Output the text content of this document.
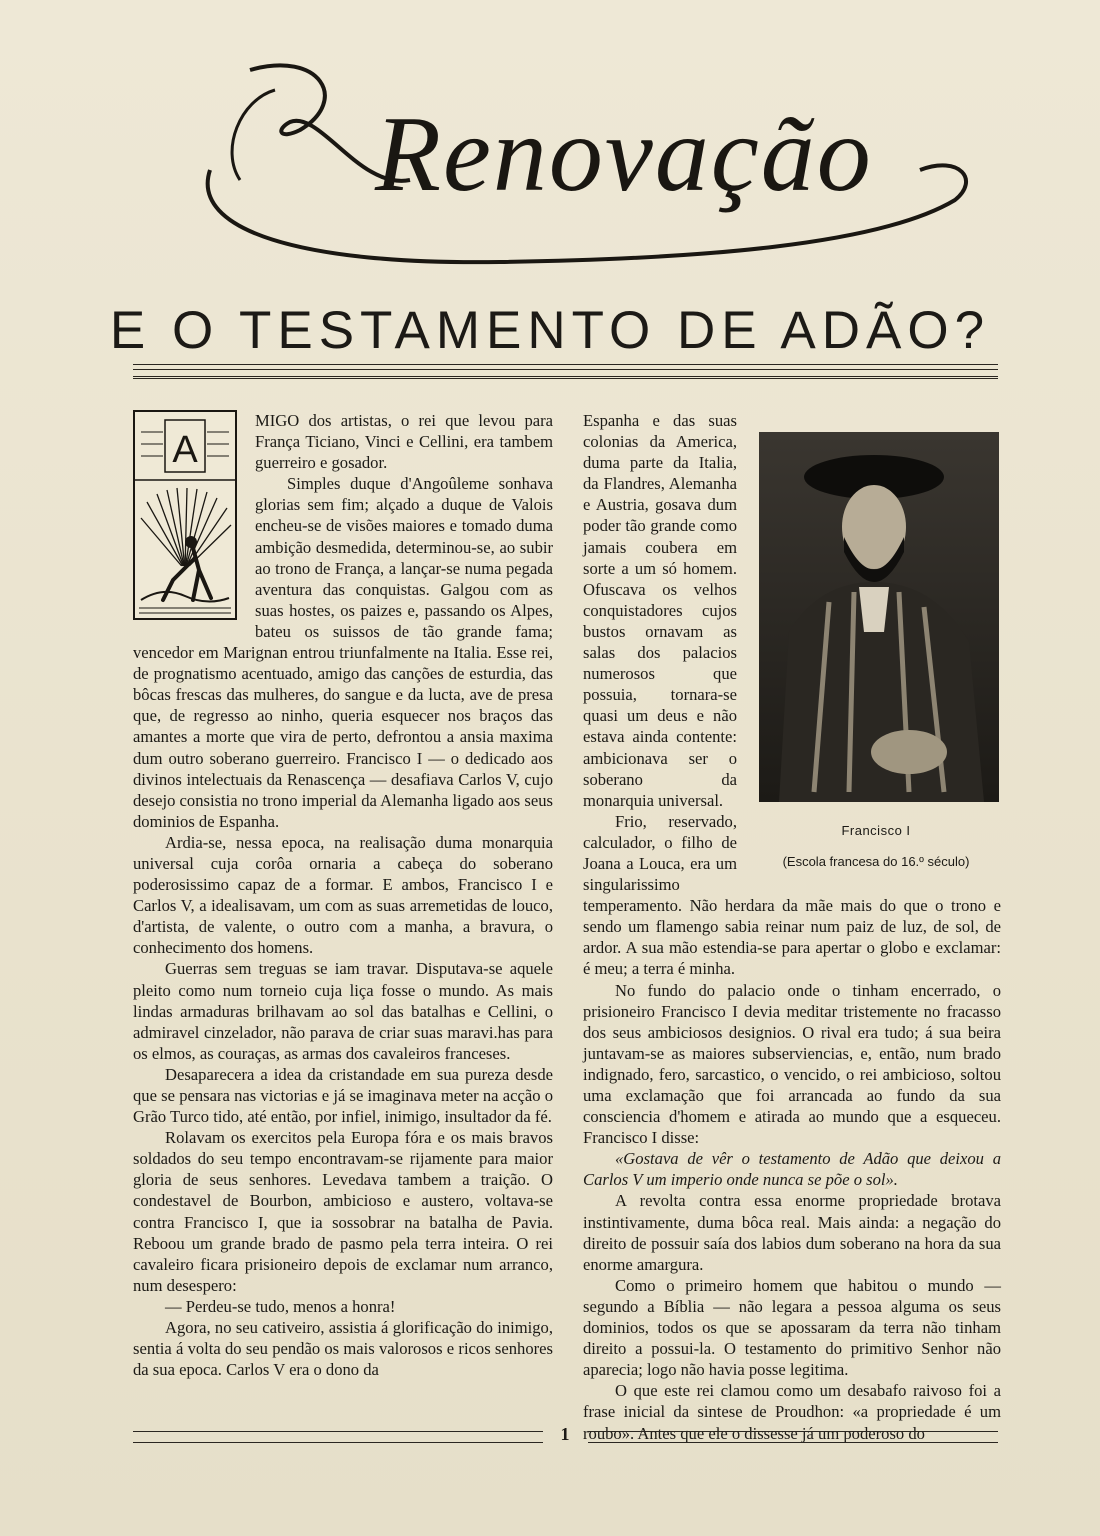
Renovação
E O TESTAMENTO DE ADÃO?
A

MIGO dos artistas, o rei que levou para França Ticiano, Vinci e Cellini, era tambem guerreiro e gosador.

Simples duque d'Angoûleme sonhava glorias sem fim; alçado a duque de Valois encheu-se de visões maiores e tomado duma ambição desmedida, determinou-se, ao subir ao trono de França, a lançar-se numa pegada aventura das conquistas. Galgou com as suas hostes, os paizes e, passando os Alpes, bateu os suissos de tão grande fama; vencedor em Marignan entrou triunfalmente na Italia. Esse rei, de prognatismo acentuado, amigo das canções de esturdia, das bôcas frescas das mulheres, do sangue e da lucta, ave de presa que, de regresso ao ninho, queria esquecer nos braços das amantes a morte que vira de perto, defrontou a ansia maxima dum outro soberano guerreiro. Francisco I — o dedicado aos divinos intelectuais da Renascença — desafiava Carlos V, cujo desejo consistia no trono imperial da Alemanha ligado aos seus dominios de Espanha.

Ardia-se, nessa epoca, na realisação duma monarquia universal cuja corôa ornaria a cabeça do soberano poderosissimo capaz de a formar. E ambos, Francisco I e Carlos V, a idealisavam, um com as suas arremetidas de louco, d'artista, de valente, o outro com a manha, a bravura, o conhecimento dos homens.

Guerras sem treguas se iam travar. Disputava-se aquele pleito como num torneio cuja liça fosse o mundo. As mais lindas armaduras brilhavam ao sol das batalhas e Cellini, o admiravel cinzelador, não parava de criar suas maravi.has para os elmos, as couraças, as armas dos cavaleiros franceses.

Desaparecera a idea da cristandade em sua pureza desde que se pensara nas victorias e já se imaginava meter na acção o Grão Turco tido, até então, por infiel, inimigo, insultador da fé.

Rolavam os exercitos pela Europa fóra e os mais bravos soldados do seu tempo encontravam-se rijamente para maior gloria de seus senhores. Levedava tambem a traição. O condestavel de Bourbon, ambicioso e austero, voltava-se contra Francisco I, que ia sossobrar na batalha de Pavia. Reboou um grande brado de pasmo pela terra inteira. O rei cavaleiro ficara prisioneiro depois de exclamar num arranco, num desespero:

— Perdeu-se tudo, menos a honra!

Agora, no seu cativeiro, assistia á glorificação do inimigo, sentia á volta do seu pendão os mais valorosos e ricos senhores da sua epoca. Carlos V era o dono da

Francisco I
(Escola francesa do 16.º século)

Espanha e das suas colonias da America, duma parte da Italia, da Flandres, Alemanha e Austria, gosava dum poder tão grande como jamais coubera em sorte a um só homem. Ofuscava os velhos conquistadores cujos bustos ornavam as salas dos palacios numerosos que possuia, tornara-se quasi um deus e não estava ainda contente: ambicionava ser o soberano da monarquia universal.

Frio, reservado, calculador, o filho de Joana a Louca, era um singularissimo temperamento. Não herdara da mãe mais do que o trono e sendo um flamengo sabia reinar num paiz de luz, de sol, de ardor. A sua mão estendia-se para apertar o globo e exclamar: é meu; a terra é minha.

No fundo do palacio onde o tinham encerrado, o prisioneiro Francisco I devia meditar tristemente no fracasso dos seus ambiciosos designios. O rival era tudo; á sua beira juntavam-se as maiores subserviencias, e, então, num brado indignado, fero, sarcastico, o vencido, o rei ambicioso, soltou uma exclamação que foi arrancada ao fundo da sua consciencia d'homem e atirada ao mundo que a esqueceu. Francisco I disse:

«Gostava de vêr o testamento de Adão que deixou a Carlos V um imperio onde nunca se põe o sol».

A revolta contra essa enorme propriedade brotava instintivamente, duma bôca real. Mais ainda: a negação do direito de possuir saía dos labios dum soberano na hora da sua enorme amargura.

Como o primeiro homem que habitou o mundo — segundo a Bíblia — não legara a pessoa alguma os seus dominios, todos os que se apossaram da terra não tinham direito a possui-la. O testamento do primitivo Senhor não aparecia; logo não havia posse legitima.

O que este rei clamou como um desabafo raivoso foi a frase inicial da sintese de Proudhon: «a propriedade é um roubo». Antes que ele o dissesse já um poderoso do

1
